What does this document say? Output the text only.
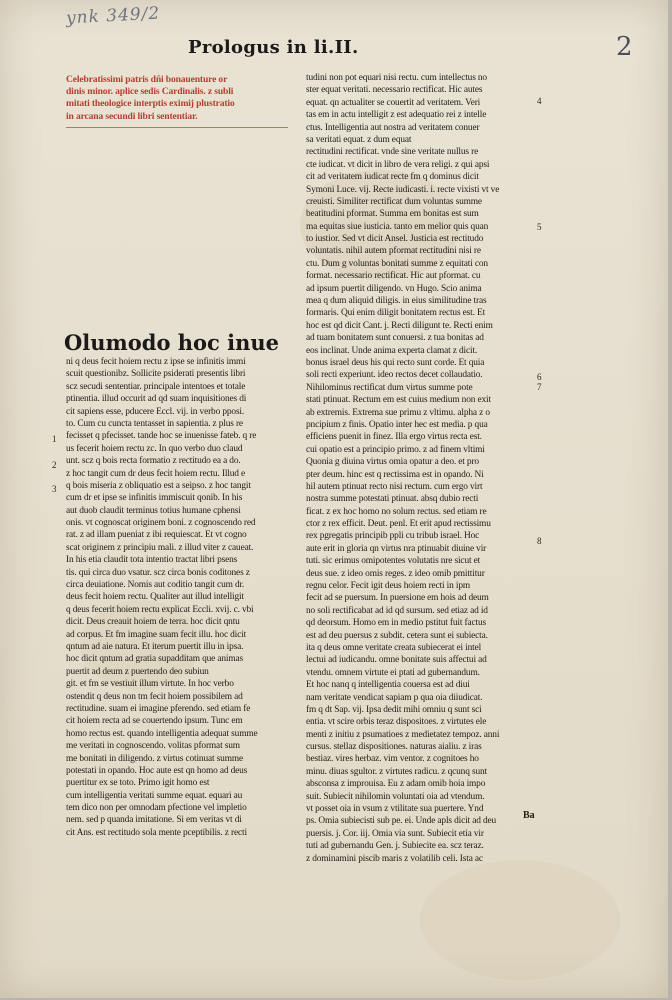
ynk 349/2
2
Prologus in li.II.
Celebratissimi patris dñi bonauenture or
dinis minor. aplice sedis Cardinalis. z subli
mitati theologice interptis eximij plustratio
in arcana secundi libri sententiar.
Olumodo hoc inue
ni q deus fecit hoiem rectu z ipse se infinitis immi
scuit questionibz. Sollicite psiderati presentis libri
scz secudi sententiar. principale intentoes et totale
ptinentia. illud occurit ad qd suam inquisitiones di
cit sapiens esse, pducere Eccl. vij. in verbo pposi.
to. Cum cu cuncta tentasset in sapientia. z plus re
fecisset q pfecisset. tande hoc se inuenisse fateb. q re
us fecerit hoiem rectu zc. In quo verbo duo claud
unt. scz q bois recta formatio z rectitudo ea a do.
z hoc tangit cum dr deus fecit hoiem rectu. Illud e
q bois miseria z obliquatio est a seipso. z hoc tangit
cum dr et ipse se infinitis immiscuit qonib. In his
aut duob claudit terminus totius humane cphensi
onis. vt cognoscat originem boni. z cognoscendo red
rat. z ad illam pueniat z ibi requiescat. Et vt cogno
scat originem z principiu mali. z illud viter z caueat.
In his etia claudit tota intentio tractat libri psens
tis. qui circa duo vsatur. scz circa bonis coditones z
circa deuiatione. Nomis aut coditio tangit cum dr.
deus fecit hoiem rectu. Qualiter aut illud intelligit
q deus fecerit hoiem rectu explicat Eccli. xvij. c. vbi
dicit. Deus creauit hoiem de terra. hoc dicit qntu
ad corpus. Et fm imagine suam fecit illu. hoc dicit
qntum ad aie natura. Et iterum puertit illu in ipsa.
hoc dicit qntum ad gratia supadditam que animas
puertit ad deum z puertendo deo subiun
git. et fm se vestiuit illum virtute. In hoc verbo
ostendit q deus non tm fecit hoiem possibilem ad
rectitudine. suam ei imagine pferendo. sed etiam fe
cit hoiem recta ad se couertendo ipsum. Tunc em
homo rectus est. quando intelligentia adequat summe
me veritati in cognoscendo. volitas pformat sum
me bonitati in diligendo. z virtus cotinuat summe
potestati in opando. Hoc aute est qn homo ad deus
puertitur ex se toto. Primo igit homo est
cum intelligentia veritati summe equat. equari au
tem dico non per omnodam pfectione vel impletio
nem. sed p quanda imitatione. Si em veritas vt di
cit Ans. est rectitudo sola mente pceptibilis. z recti
tudini non pot equari nisi rectu. cum intellectus no
ster equat veritati. necessario rectificat. Hic autes
equat. qn actualiter se couertit ad veritatem. Veri
tas em in actu intelligit z est adequatio rei z intelle
ctus. Intelligentia aut nostra ad veritatem conuer
sa veritati equat. z dum equat
rectitudini rectificat. vnde sine veritate nullus re
cte iudicat. vt dicit in libro de vera religi. z qui apsi
cit ad veritatem iudicat recte fm q dominus dicit
Symoni Luce. vij. Recte iudicasti. i. recte vixisti vt ve
creuisti. Similiter rectificat dum voluntas summe
beatitudini pformat. Summa em bonitas est sum
ma equitas siue iusticia. tanto em melior quis quan
to iustior. Sed vt dicit Ansel. Justicia est rectitudo
voluntatis. nihil autem pformat rectitudini nisi re
ctu. Dum g voluntas bonitati summe z equitati con
format. necessario rectificat. Hic aut pformat. cu
ad ipsum puertit diligendo. vn Hugo. Scio anima
mea q dum aliquid diligis. in eius similitudine tras
formaris. Qui enim diligit bonitatem rectus est. Et
hoc est qd dicit Cant. j. Recti diligunt te. Recti enim
ad tuam bonitatem sunt conuersi. z tua bonitas ad
eos inclinat. Unde anima experta clamat z dicit.
bonus israel deus his qui recto sunt corde. Et quia
soli recti experiunt. ideo rectos decet collaudatio.
Nihilominus rectificat dum virtus summe pote
stati ptinuat. Rectum em est cuius medium non exit
ab extremis. Extrema sue primu z vltimu. alpha z o
pncipium z finis. Opatio inter hec est media. p qua
efficiens puenit in finez. Illa ergo virtus recta est.
cui opatio est a principio primo. z ad finem vltimi
Quonia g diuina virtus omia opatur a deo. et pro
pter deum. hinc est q rectissima est in opando. Ni
hil autem ptinuat recto nisi rectum. cum ergo virt
nostra summe potestati ptinuat. absq dubio recti
ficat. z ex hoc homo no solum rectus. sed etiam re
ctor z rex efficit. Deut. penl. Et erit apud rectissimu
rex pgregatis principib ppli cu tribub israel. Hoc
aute erit in gloria qn virtus nra ptinuabit diuine vir
tuti. sic erimus omipotentes volutatis nre sicut et
deus sue. z ideo omis reges. z ideo omib pmittitur
regnu celor. Fecit igit deus hoiem recti in ipm
fecit ad se puersum. In puersione em hois ad deum
no soli rectificabat ad id qd sursum. sed etiaz ad id
qd deorsum. Homo em in medio pstitut fuit factus
est ad deu puersus z subdit. cetera sunt ei subiecta.
ita q deus omne veritate creata subiecerat ei intel
lectui ad iudicandu. omne bonitate suis affectui ad
vtendu. omnem virtute ei ptati ad gubernandum.
Et hoc nanq q intelligentia couersa est ad diui
nam veritate vendicat sapiam p qua oia diiudicat.
fm q dt Sap. vij. Ipsa dedit mihi omniu q sunt sci
entia. vt scire orbis teraz dispositoes. z virtutes ele
menti z initiu z psumatioes z medietatez tempoz. anni
cursus. stellaz dispositiones. naturas aialiu. z iras
bestiaz. vires herbaz. vim ventor. z cognitoes ho
minu. diuas sgultor. z virtutes radicu. z qcunq sunt
absconsa z improuisa. Eu z adam omib hoia impo
suit. Subiecit nihilomin voluntati oia ad vtendum.
vt posset oia in vsum z vtilitate sua puertere. Ynd
ps. Omia subiecisti sub pe. ei. Unde apls dicit ad deu
puersis. j. Cor. iij. Omia via sunt. Subiecit etia vir
tuti ad gubernandu Gen. j. Subiecite ea. scz teraz.
z dominamini piscib maris z volatilib celi. Ista ac
1
2
3
4
5
6
7
8
Ba
